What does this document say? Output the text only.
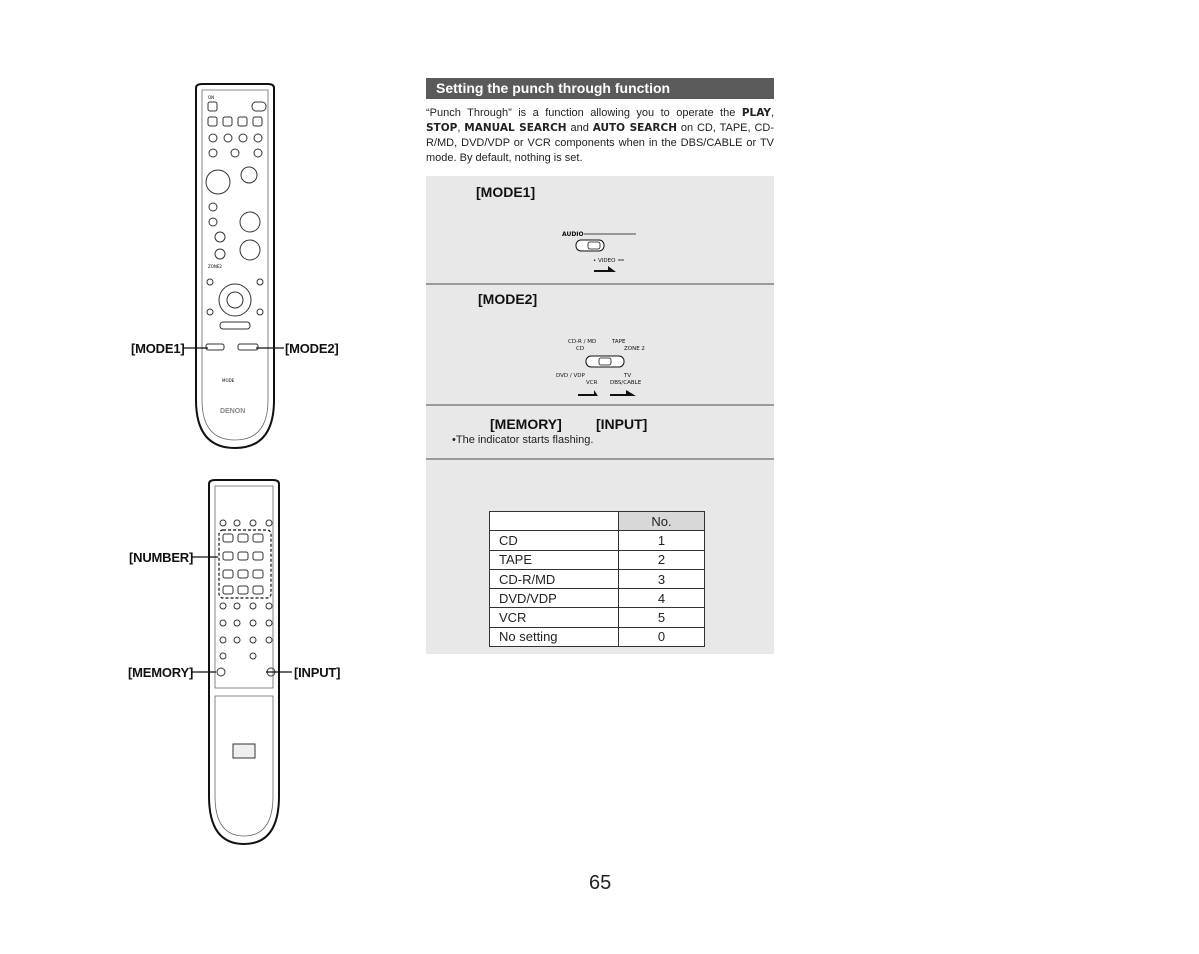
ON
ZONE2
MODE
DENON
[MODE1]	[MODE2]
[NUMBER]
[MEMORY]	[INPUT]
Setting the punch through function
“Punch Through” is a function allowing you to operate the PLAY, STOP, MANUAL SEARCH and AUTO SEARCH on CD, TAPE, CD-R/MD, DVD/VDP or VCR components when in the DBS/CABLE or TV mode. By default, nothing is set.
[MODE1]
AUDIO
• VIDEO
[MODE2]
CD-R / MD
CD
TAPE
ZONE 2
DVD / VDP
VCR
TV
DBS/CABLE
[MEMORY] [INPUT]
•The indicator starts flashing.
	No.
CD	1
TAPE	2
CD-R/MD	3
DVD/VDP	4
VCR	5
No setting	0
65
